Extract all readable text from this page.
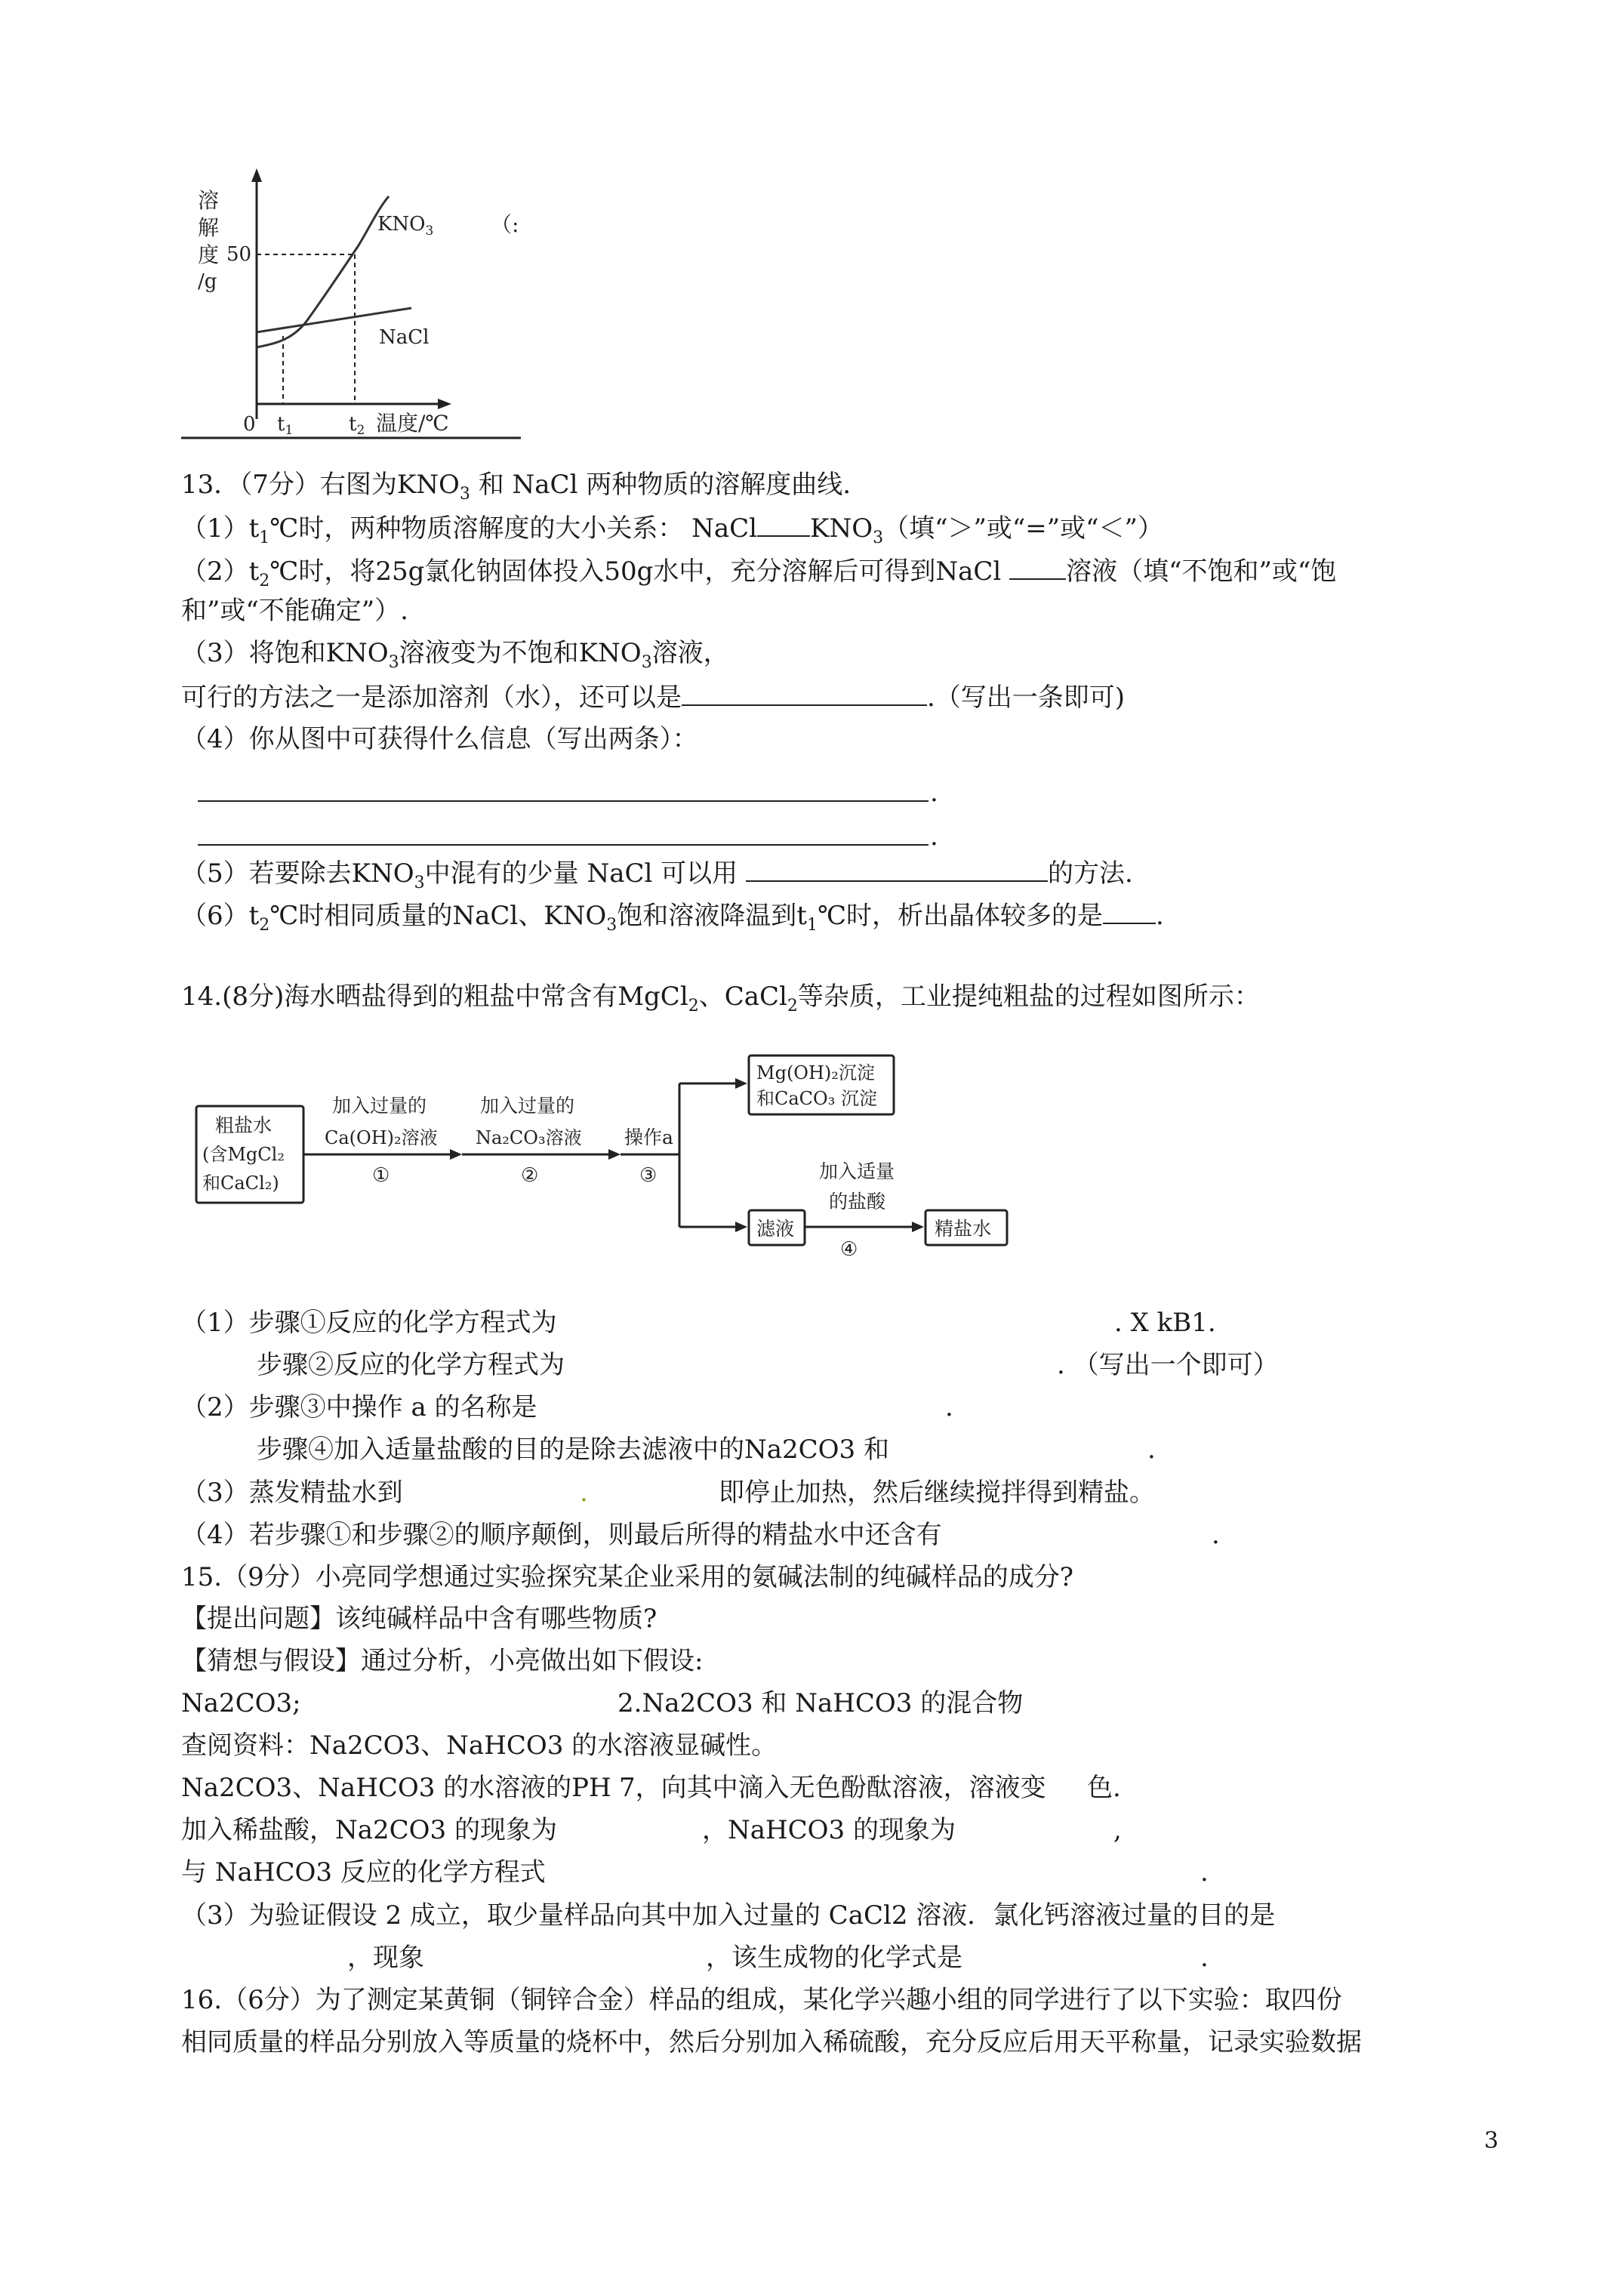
溶
解
度
/g
50
$KNO_3$
NaCl
0 t1	t2 温度/℃
（:
13．（7分）右图为$KNO_3$ 和 NaCl 两种物质的溶解度曲线.
$(1)t_1℃$时，两种物质溶解度的大小关系： NaCl $KNO_3$（填“＞”或“=”或“＜”）
$(2)t_2℃$时，将25g氯化钠固体投入50g水中，充分溶解后可得到NaCl 溶液（填“不饱和”或“饱
和”或“不能确定”）.
（3）将饱和$KNO_3$溶液变为不饱和$KNO_3$溶液，
可行的方法之一是添加溶剂（水），还可以是	.（写出一条即可)
（4）你从图中可获得什么信息（写出两条）：
.
.
（5）若要除去$KNO_3$中混有的少量 NaCl 可以用	的方法.
$(6)t_2℃$时相同质量的NaCl、$KNO_3$饱和溶液降温到$t_1℃$时，析出晶体较多的是 .
14.(8分)海水晒盐得到的粗盐中常含有MgCl$_2$、CaCl$_2$等杂质，工业提纯粗盐的过程如图所示：
粗盐水
(含MgCl₂
和CaCl₂)
加入过量的
Ca(OH)₂溶液
①
加入过量的
Na₂CO₃溶液
②
操作a
③
Mg(OH)₂沉淀
和CaCO₃ 沉淀
滤液
加入适量
的盐酸
④
精盐水
（1）步骤①反应的化学方程式为	. X kB1.
步骤②反应的化学方程式为	. （写出一个即可）
（2）步骤③中操作 a 的名称是	.
步骤④加入适量盐酸的目的是除去滤液中的Na2CO3 和	.
（3）蒸发精盐水到	.	即停止加热，然后继续搅拌得到精盐。
（4）若步骤①和步骤②的顺序颠倒，则最后所得的精盐水中还含有	.
15.（9分）小亮同学想通过实验探究某企业采用的氨碱法制的纯碱样品的成分?
【提出问题】该纯碱样品中含有哪些物质?
【猜想与假设】通过分析，小亮做出如下假设:
Na2CO3;	2.Na2CO3 和 NaHCO3 的混合物
查阅资料：Na2CO3、NaHCO3 的水溶液显碱性。
Na2CO3、NaHCO3 的水溶液的PH 7，向其中滴入无色酚酞溶液，溶液变 色.
加入稀盐酸，Na2CO3 的现象为	，NaHCO3 的现象为	,
与 NaHCO3 反应的化学方程式	.
（3）为验证假设 2 成立，取少量样品向其中加入过量的 CaCl2 溶液．氯化钙溶液过量的目的是
，现象	，该生成物的化学式是	.
16.（6分）为了测定某黄铜（铜锌合金）样品的组成，某化学兴趣小组的同学进行了以下实验：取四份
相同质量的样品分别放入等质量的烧杯中，然后分别加入稀硫酸，充分反应后用天平称量，记录实验数据
3
